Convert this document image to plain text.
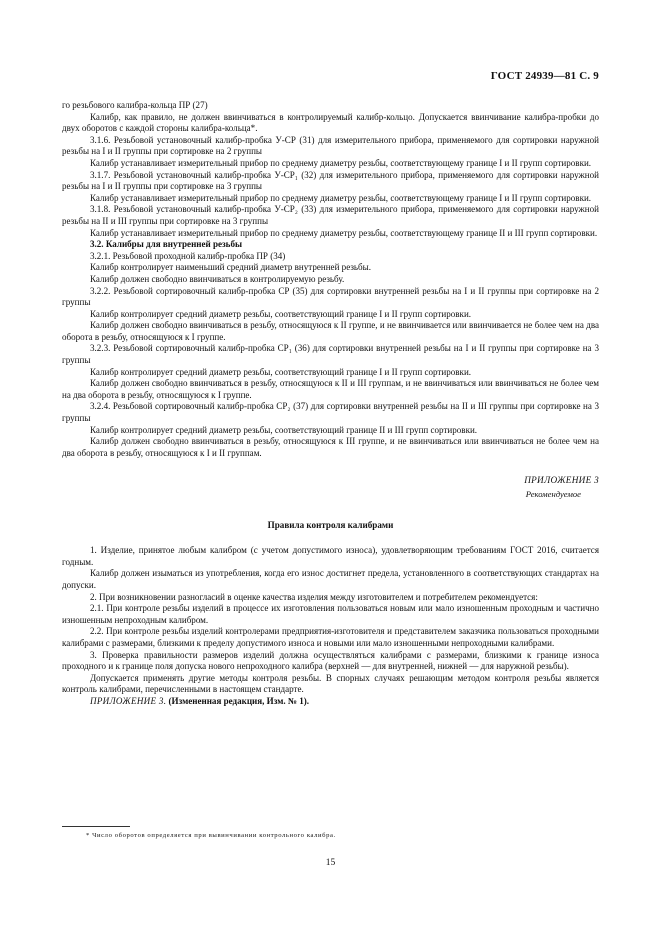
ГОСТ 24939—81 С. 9

го резьбового калибра-кольца ПР (27)

Калибр, как правило, не должен ввинчиваться в контролируемый калибр-кольцо. Допускается ввинчивание калибра-пробки до двух оборотов с каждой стороны калибра-кольца*.

3.1.6. Резьбовой установочный калибр-пробка У-СР (31) для измерительного прибора, применяемого для сортировки наружной резьбы на I и II группы при сортировке на 2 группы

Калибр устанавливает измерительный прибор по среднему диаметру резьбы, соответствующему границе I и II групп сортировки.

3.1.7. Резьбовой установочный калибр-пробка У-СР₁ (32) для измерительного прибора, применяемого для сортировки наружной резьбы на I и II группы при сортировке на 3 группы

Калибр устанавливает измерительный прибор по среднему диаметру резьбы, соответствующему границе I и II групп сортировки.

3.1.8. Резьбовой установочный калибр-пробка У-СР₂ (33) для измерительного прибора, применяемого для сортировки наружной резьбы на II и III группы при сортировке на 3 группы

Калибр устанавливает измерительный прибор по среднему диаметру резьбы, соответствующему границе II и III групп сортировки.

3.2. Калибры для внутренней резьбы

3.2.1. Резьбовой проходной калибр-пробка ПР (34)

Калибр контролирует наименьший средний диаметр внутренней резьбы.

Калибр должен свободно ввинчиваться в контролируемую резьбу.

3.2.2. Резьбовой сортировочный калибр-пробка СР (35) для сортировки внутренней резьбы на I и II группы при сортировке на 2 группы

Калибр контролирует средний диаметр резьбы, соответствующий границе I и II групп сортировки.

Калибр должен свободно ввинчиваться в резьбу, относящуюся к II группе, и не ввинчивается или ввинчивается не более чем на два оборота в резьбу, относящуюся к I группе.

3.2.3. Резьбовой сортировочный калибр-пробка СР₁ (36) для сортировки внутренней резьбы на I и II группы при сортировке на 3 группы

Калибр контролирует средний диаметр резьбы, соответствующий границе I и II групп сортировки.

Калибр должен свободно ввинчиваться в резьбу, относящуюся к II и III группам, и не ввинчиваться или ввинчиваться не более чем на два оборота в резьбу, относящуюся к I группе.

3.2.4. Резьбовой сортировочный калибр-пробка СР₂ (37) для сортировки внутренней резьбы на II и III группы при сортировке на 3 группы

Калибр контролирует средний диаметр резьбы, соответствующий границе II и III групп сортировки.

Калибр должен свободно ввинчиваться в резьбу, относящуюся к III группе, и не ввинчиваться или ввинчиваться не более чем на два оборота в резьбу, относящуюся к I и II группам.

ПРИЛОЖЕНИЕ 3
Рекомендуемое
Правила контроля калибрами

1. Изделие, принятое любым калибром (с учетом допустимого износа), удовлетворяющим требованиям ГОСТ 2016, считается годным.

Калибр должен изыматься из употребления, когда его износ достигнет предела, установленного в соответствующих стандартах на допуски.

2. При возникновении разногласий в оценке качества изделия между изготовителем и потребителем рекомендуется:

2.1. При контроле резьбы изделий в процессе их изготовления пользоваться новым или мало изношенным проходным и частично изношенным непроходным калибром.

2.2. При контроле резьбы изделий контролерами предприятия-изготовителя и представителем заказчика пользоваться проходными калибрами с размерами, близкими к пределу допустимого износа и новыми или мало изношенными непроходными калибрами.

3. Проверка правильности размеров изделий должна осуществляться калибрами с размерами, близкими к границе износа проходного и к границе поля допуска нового непроходного калибра (верхней — для внутренней, нижней — для наружной резьбы).

Допускается применять другие методы контроля резьбы. В спорных случаях решающим методом контроля резьбы является контроль калибрами, перечисленными в настоящем стандарте.

ПРИЛОЖЕНИЕ 3. (Измененная редакция, Изм. № 1).

* Число оборотов определяется при вывинчивании контрольного калибра.
15
